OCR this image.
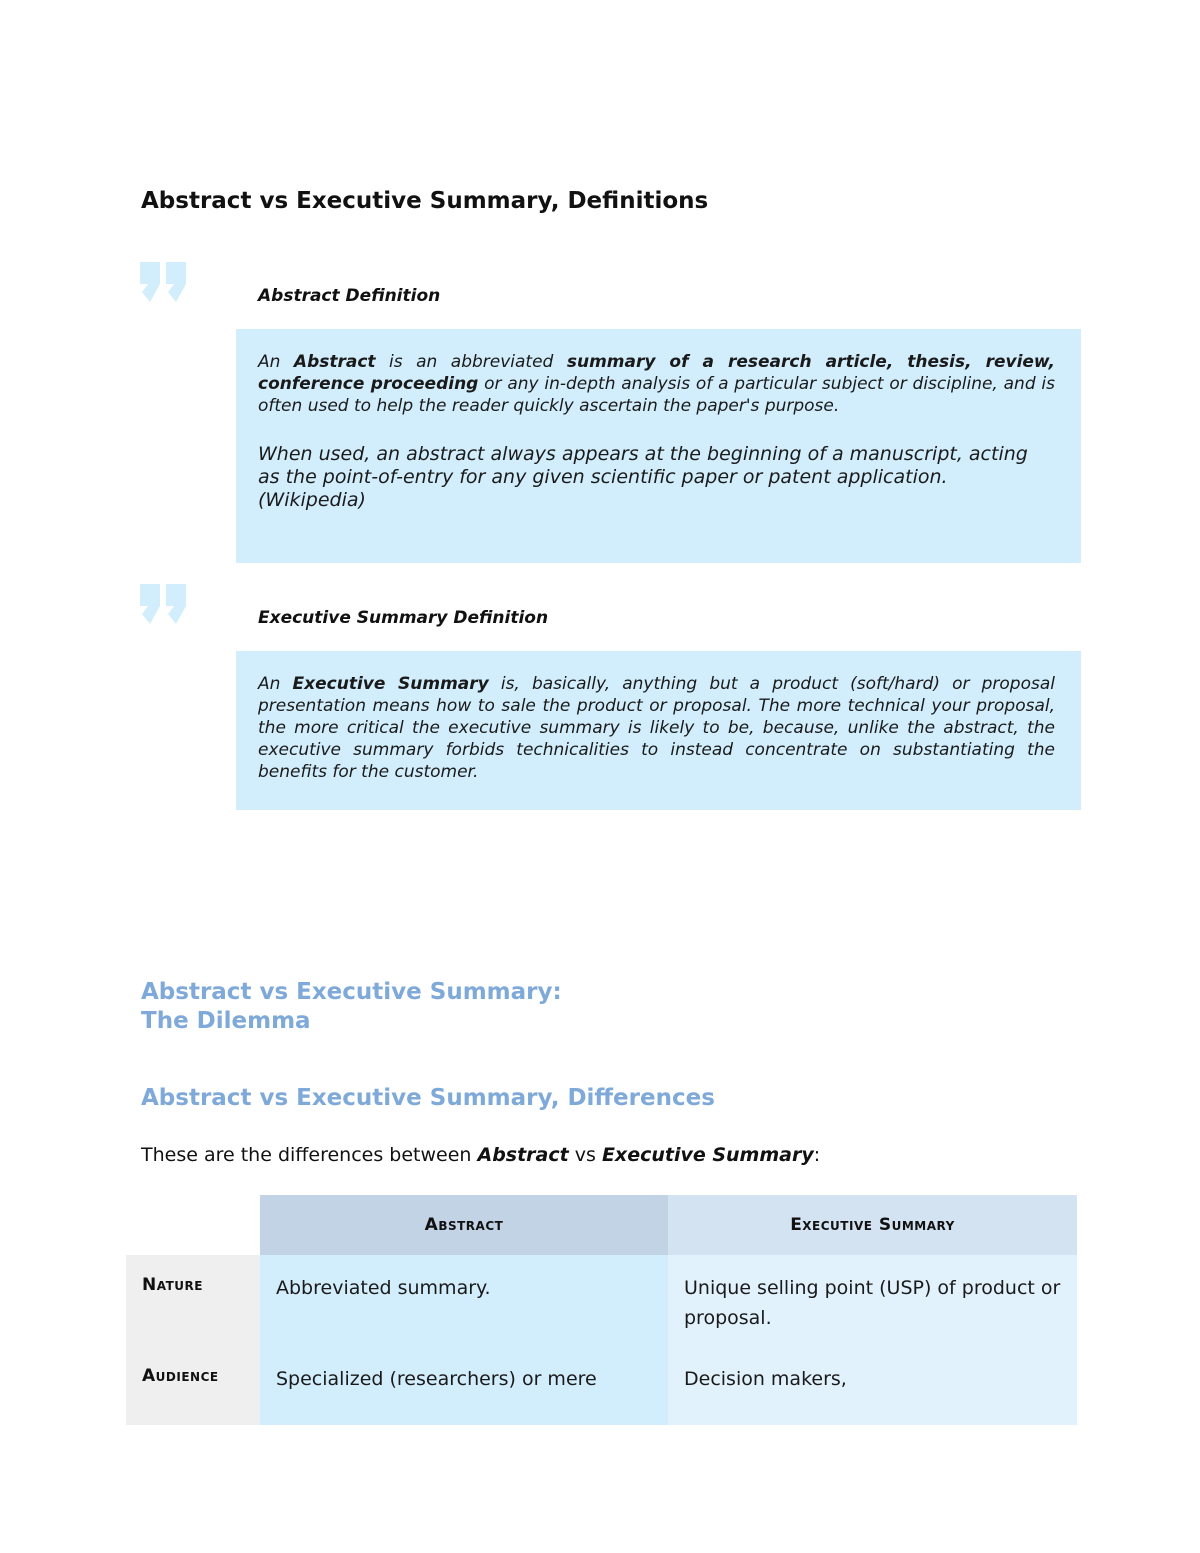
Abstract vs Executive Summary, Definitions
Abstract Definition

An Abstract is an abbreviated summary of a research article, thesis, review, conference proceeding or any in-depth analysis of a particular subject or discipline, and is often used to help the reader quickly ascertain the paper's purpose.

When used, an abstract always appears at the beginning of a manuscript, acting as the point-of-entry for any given scientific paper or patent application. (Wikipedia)

Executive Summary Definition

An Executive Summary is, basically, anything but a product (soft/hard) or proposal presentation means how to sale the product or proposal. The more technical your proposal, the more critical the executive summary is likely to be, because, unlike the abstract, the executive summary forbids technicalities to instead concentrate on substantiating the benefits for the customer.

Abstract vs Executive Summary:
The Dilemma
Abstract vs Executive Summary, Differences
These are the differences between Abstract vs Executive Summary:
	Abstract	Executive Summary
Nature	Abbreviated summary.	Unique selling point (USP) of product or proposal.
Audience	Specialized (researchers) or mere	Decision makers,
